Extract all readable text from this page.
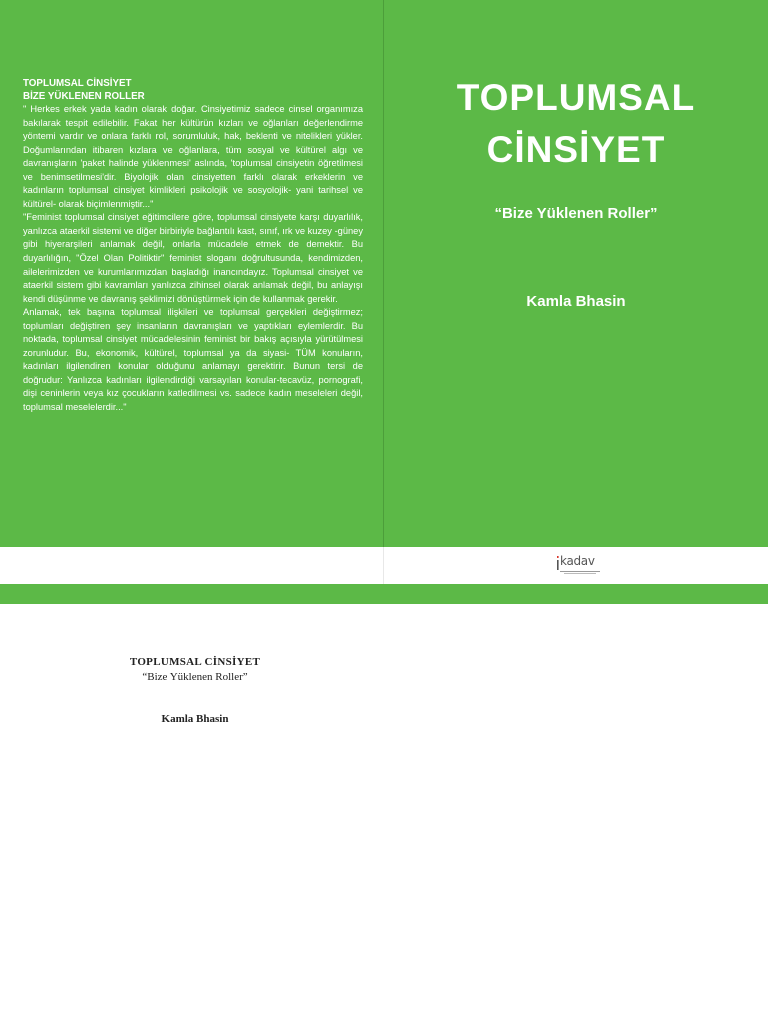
TOPLUMSAL CİNSİYET

BİZE YÜKLENEN ROLLER

" Herkes erkek yada kadın olarak doğar. Cinsiyetimiz sadece cinsel organımıza bakılarak tespit edilebilir. Fakat her kültürün kızları ve oğlanları değerlendirme yöntemi vardır ve onlara farklı rol, sorumluluk, hak, beklenti ve nitelikleri yükler. Doğumlarından itibaren kızlara ve oğlanlara, tüm sosyal ve kültürel algı ve davranışların 'paket halinde yüklenmesi' aslında, 'toplumsal cinsiyetin öğretilmesi ve benimsetilmesi'dir. Biyolojik olan cinsiyetten farklı olarak erkeklerin ve kadınların toplumsal cinsiyet kimlikleri psikolojik ve sosyolojik- yani tarihsel ve kültürel- olarak biçimlenmiştir..."

"Feminist toplumsal cinsiyet eğitimcilere göre, toplumsal cinsiyete karşı duyarlılık, yanlızca ataerkil sistemi ve diğer birbiriyle bağlantılı kast, sınıf, ırk ve kuzey -güney gibi hiyerarşileri anlamak değil, onlarla mücadele etmek de demektir. Bu duyarlılığın, "Özel Olan Politiktir" feminist sloganı doğrultusunda, kendimizden, ailelerimizden ve kurumlarımızdan başladığı inancındayız. Toplumsal cinsiyet ve ataerkil sistem gibi kavramları yanlızca zihinsel olarak anlamak değil, bu anlayışı kendi düşünme ve davranış şeklimizi dönüştürmek için de kullanmak gerekir.

Anlamak, tek başına toplumsal ilişkileri ve toplumsal gerçekleri değiştirmez; toplumları değiştiren şey insanların davranışları ve yaptıkları eylemlerdir. Bu noktada, toplumsal cinsiyet mücadelesinin feminist bir bakış açısıyla yürütülmesi zorunludur. Bu, ekonomik, kültürel, toplumsal ya da siyasi- TÜM konuların, kadınları ilgilendiren konular olduğunu anlamayı gerektirir. Bunun tersi de doğrudur: Yanlızca kadınları ilgilendirdiği varsayılan konular-tecavüz, pornografi, dişi ceninlerin veya kız çocukların katledilmesi vs. sadece kadın meseleleri değil, toplumsal meselelerdir..."

TOPLUMSAL
CİNSİYET
“Bize Yüklenen Roller”
Kamla Bhasin
kadav
TOPLUMSAL CİNSİYET
“Bize Yüklenen Roller”
Kamla Bhasin
